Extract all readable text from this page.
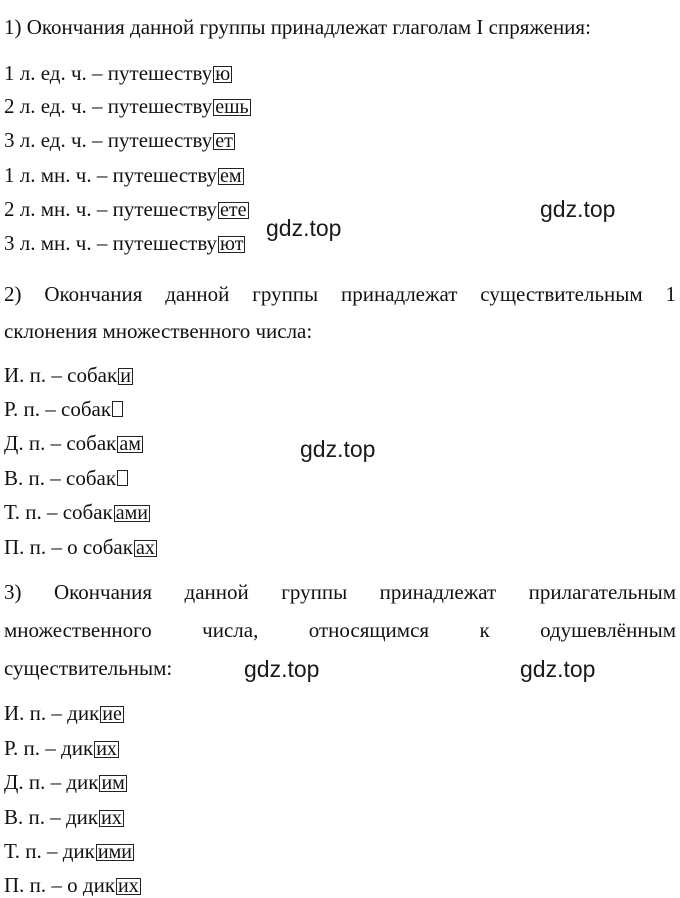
1) Окончания данной группы принадлежат глаголам I спряжения:
1 л. ед. ч. – путешеству ю
2 л. ед. ч. – путешеству ешь
3 л. ед. ч. – путешеству ет
1 л. мн. ч. – путешеству ем
2 л. мн. ч. – путешеству ете
3 л. мн. ч. – путешеству ют
2) Окончания данной группы принадлежат существительным 1
склонения множественного числа:
И. п. – собак и
Р. п. – собак
Д. п. – собак ам
В. п. – собак
Т. п. – собак ами
П. п. – о собак ах
3) Окончания данной группы принадлежат прилагательным
множественного числа, относящимся к одушевлённым
существительным:
И. п. – дик ие
Р. п. – дик их
Д. п. – дик им
В. п. – дик их
Т. п. – дик ими
П. п. – о дик их
gdz.top
gdz.top
gdz.top
gdz.top	gdz.top
